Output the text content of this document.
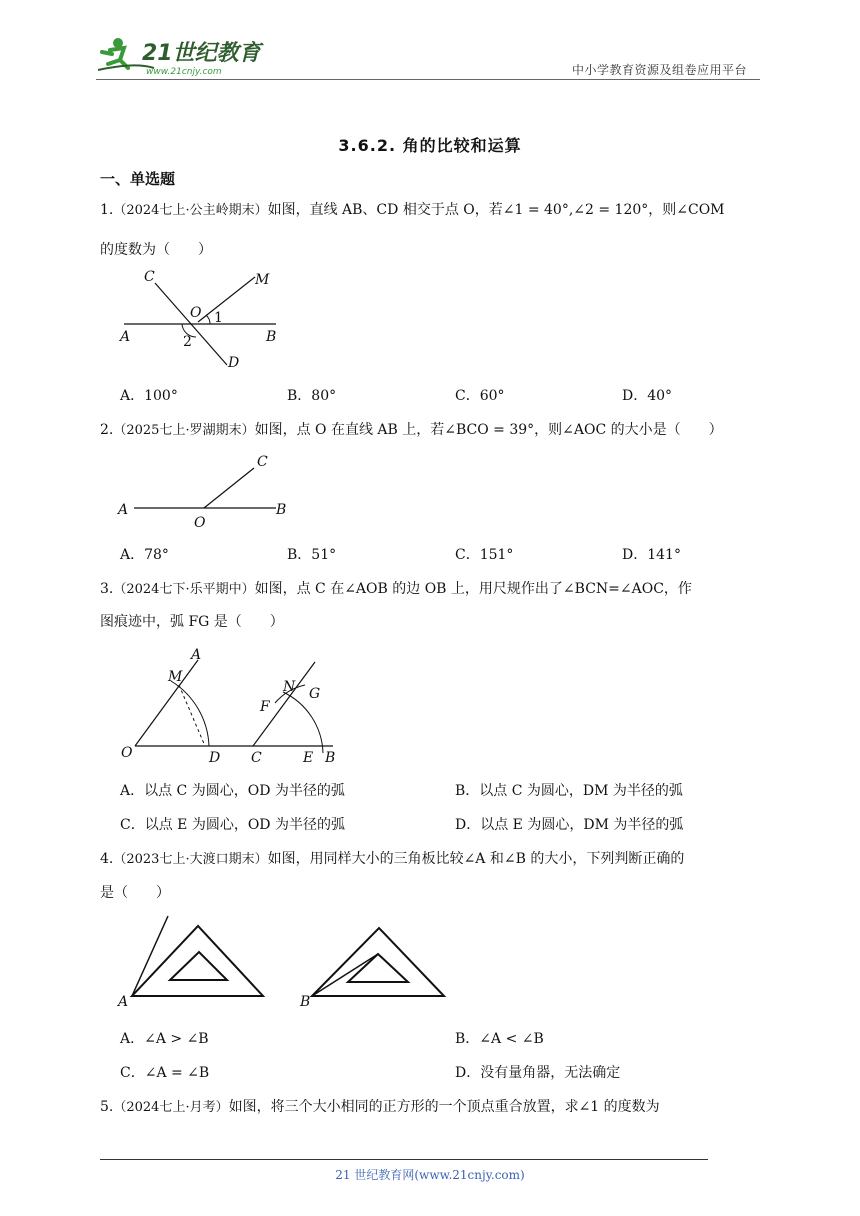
21世纪教育
www.21cnjy.com	中小学教育资源及组卷应用平台
3.6.2. 角的比较和运算
一、单选题
1.（2024七上·公主岭期末）如图，直线 AB、CD 相交于点 O，若∠1 = 40°,∠2 = 120°，则∠COM
的度数为（　　）
C	M
O 1
A	B
2
D
A．100°	B．80°	C．60°	D．40°
2.（2025七上·罗湖期末）如图，点 O 在直线 AB 上，若∠BCO = 39°，则∠AOC 的大小是（　　）
C
A
O
B
A．78°	B．51°	C．151°	D．141°
3.（2024七下·乐平期中）如图，点 C 在∠AOB 的边 OB 上，用尺规作出了∠BCN=∠AOC，作
图痕迹中，弧 FG 是（　　）
A
M
O	D
N G
F
C	E B
A．以点 C 为圆心，OD 为半径的弧	B．以点 C 为圆心，DM 为半径的弧
C．以点 E 为圆心，OD 为半径的弧	D．以点 E 为圆心，DM 为半径的弧
4.（2023七上·大渡口期末）如图，用同样大小的三角板比较∠A 和∠B 的大小，下列判断正确的
是（　　）
A	B
A．∠A > ∠B	B．∠A < ∠B
C．∠A = ∠B	D．没有量角器，无法确定
5.（2024七上·月考）如图，将三个大小相同的正方形的一个顶点重合放置，求∠1 的度数为
21 世纪教育网(www.21cnjy.com)
